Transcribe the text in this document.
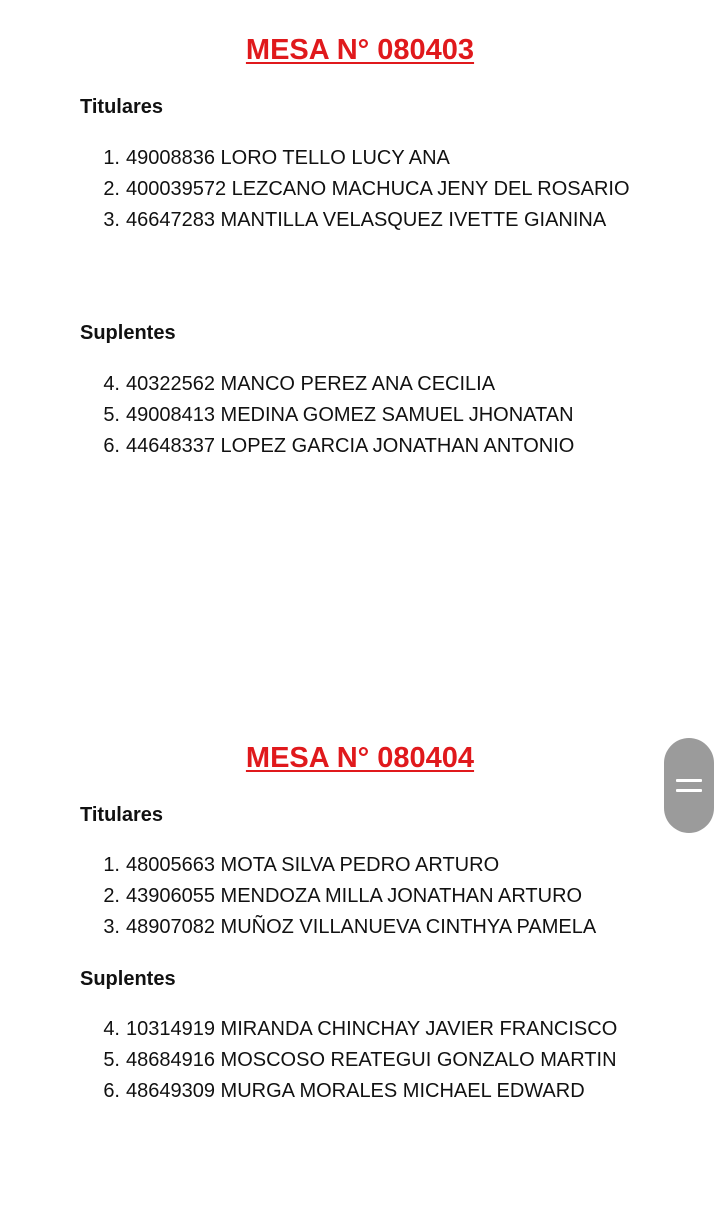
MESA N° 080403
Titulares
1. 49008836 LORO TELLO LUCY ANA
2. 400039572 LEZCANO MACHUCA JENY DEL ROSARIO
3. 46647283 MANTILLA VELASQUEZ IVETTE GIANINA
Suplentes
4. 40322562 MANCO PEREZ ANA CECILIA
5. 49008413 MEDINA GOMEZ SAMUEL JHONATAN
6. 44648337 LOPEZ GARCIA JONATHAN ANTONIO
MESA N° 080404
Titulares
1. 48005663 MOTA SILVA PEDRO ARTURO
2. 43906055 MENDOZA MILLA JONATHAN ARTURO
3. 48907082 MUÑOZ VILLANUEVA CINTHYA PAMELA
Suplentes
4. 10314919 MIRANDA CHINCHAY JAVIER FRANCISCO
5. 48684916 MOSCOSO REATEGUI GONZALO MARTIN
6. 48649309 MURGA MORALES MICHAEL EDWARD
